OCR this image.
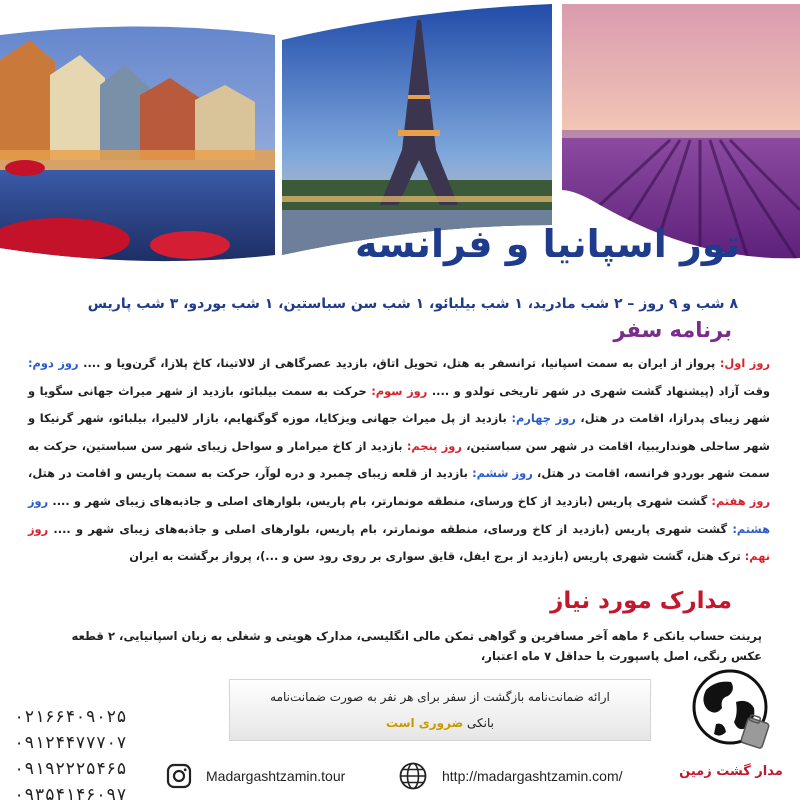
تور اسپانیا و فرانسه
۸ شب و ۹ روز – ۲ شب مادرید، ۱ شب بیلبائو، ۱ شب سن سباستین، ۱ شب بوردو، ۳ شب پاریس
برنامه سفر
روز اول: پرواز از ایران به سمت اسپانیا، ترانسفر به هتل، تحویل اتاق، بازدید عصرگاهی از لالاتینا، کاخ پلازا، گرن‌ویا و .... روز دوم: وقت آزاد (پیشنهاد گشت شهری در شهر تاریخی تولدو و .... روز سوم: حرکت به سمت بیلبائو، بازدید از شهر میراث جهانی سگویا و شهر زیبای پدرازا، اقامت در هتل، روز چهارم: بازدید از پل میراث جهانی ویزکایا، موزه گوگنهایم، بازار لالیبرا، بیلبائو، شهر گرنیکا و شهر ساحلی هونداریبیا، اقامت در شهر سن سباستین، روز پنجم: بازدید از کاخ میرامار و سواحل زیبای شهر سن سباستین، حرکت به سمت شهر بوردو فرانسه، اقامت در هتل، روز ششم: بازدید از قلعه زیبای چمبرد و دره لوآر، حرکت به سمت پاریس و اقامت در هتل، روز هفتم: گشت شهری پاریس (بازدید از کاخ ورسای، منطقه مونمارتر، بام پاریس، بلوارهای اصلی و جاذبه‌های زیبای شهر و .... روز هشتم: گشت شهری پاریس (بازدید از کاخ ورسای، منطقه مونمارتر، بام پاریس، بلوارهای اصلی و جاذبه‌های زیبای شهر و .... روز نهم: ترک هتل، گشت شهری پاریس (بازدید از برج ایفل، قایق سواری بر روی رود سن و ...)، پرواز برگشت به ایران
مدارک مورد نیاز
پرینت حساب بانکی ۶ ماهه آخر مسافرین و گواهی تمکن مالی انگلیسی، مدارک هویتی و شغلی به زبان اسپانیایی، ۲ قطعه عکس رنگی، اصل پاسپورت با حداقل ۷ ماه اعتبار،
ارائه ضمانت‌نامه بازگشت از سفر برای هر نفر به صورت ضمانت‌نامه
بانکی ضروری است
۰۲۱۶۶۴۰۹۰۲۵
۰۹۱۲۴۴۷۷۷۰۷
۰۹۱۹۲۲۲۵۴۶۵
۰۹۳۵۴۱۴۶۰۹۷
Madargashtzamin.tour	http://madargashtzamin.com/	مدار گشت زمین
